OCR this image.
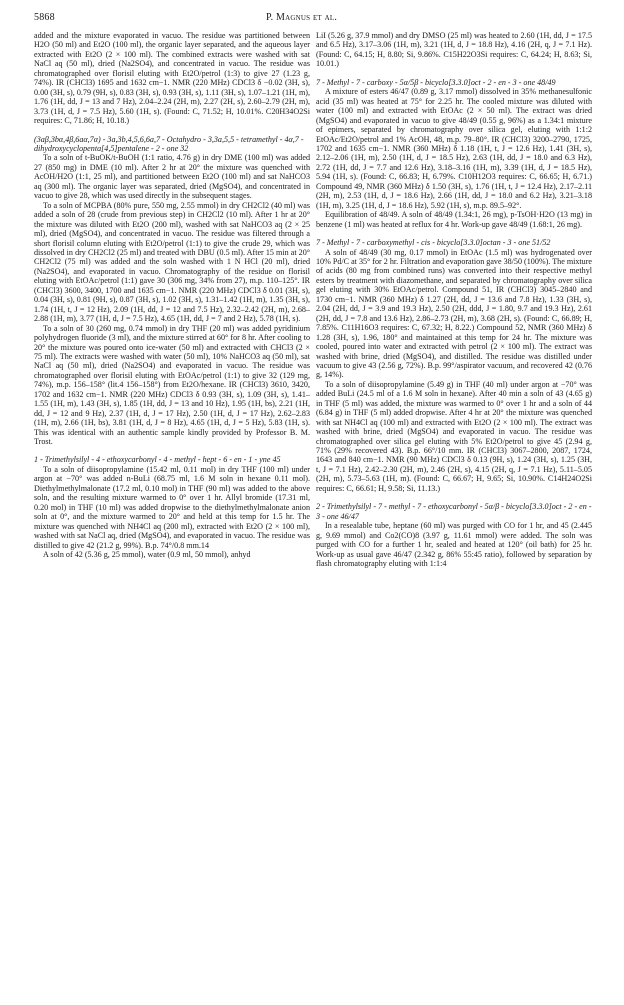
5868	P. Magnus et al.

added and the mixture evaporated in vacuo. The residue was partitioned between H2O (50 ml) and Et2O (100 ml), the organic layer separated, and the aqueous layer extracted with Et2O (2 × 100 ml). The combined extracts were washed with sat NaCl aq (50 ml), dried (Na2SO4), and concentrated in vacuo. The residue was chromatographed over florisil eluting with Et2O/petrol (1:3) to give 27 (1.23 g, 74%). IR (CHCl3) 1695 and 1632 cm−1. NMR (220 MHz) CDCl3 δ −0.02 (3H, s), 0.00 (3H, s), 0.79 (9H, s), 0.83 (3H, s), 0.93 (3H, s), 1.11 (3H, s), 1.07–1.21 (1H, m), 1.76 (1H, dd, J = 13 and 7 Hz), 2.04–2.24 (2H, m), 2.27 (2H, s), 2.60–2.79 (2H, m), 3.73 (1H, d, J = 7.5 Hz), 5.60 (1H, s). (Found: C, 71.52; H, 10.01%. C20H34O2Si requires: C, 71.86; H, 10.18.)

(3aβ,3bα,4β,6aα,7α) - 3a,3b,4,5,6,6a,7 - Octahydro - 3,3a,5,5 - tetramethyl - 4α,7 - dihydroxycyclopenta[4,5]pentalene - 2 - one 32

To a soln of t-BuOK/t-BuOH (1:1 ratio, 4.76 g) in dry DME (100 ml) was added 27 (850 mg) in DME (10 ml). After 2 hr at 20° the mixture was quenched with AcOH/H2O (1:1, 25 ml), and partitioned between Et2O (100 ml) and sat NaHCO3 aq (300 ml). The organic layer was separated, dried (MgSO4), and concentrated in vacuo to give 28, which was used directly in the subsequent stages.

To a soln of MCPBA (80% pure, 550 mg, 2.55 mmol) in dry CH2Cl2 (40 ml) was added a soln of 28 (crude from previous step) in CH2Cl2 (10 ml). After 1 hr at 20° the mixture was diluted with Et2O (200 ml), washed with sat NaHCO3 aq (2 × 25 ml), dried (MgSO4), and concentrated in vacuo. The residue was filtered through a short florisil column eluting with Et2O/petrol (1:1) to give the crude 29, which was dissolved in dry CH2Cl2 (25 ml) and treated with DBU (0.5 ml). After 15 min at 20° CH2Cl2 (75 ml) was added and the soln washed with 1 N HCl (20 ml), dried (Na2SO4), and evaporated in vacuo. Chromatography of the residue on florisil eluting with EtOAc/petrol (1:1) gave 30 (306 mg, 34% from 27), m.p. 110–125°. IR (CHCl3) 3600, 3400, 1700 and 1635 cm−1. NMR (220 MHz) CDCl3 δ 0.01 (3H, s), 0.04 (3H, s), 0.81 (9H, s), 0.87 (3H, s), 1.02 (3H, s), 1.31–1.42 (1H, m), 1.35 (3H, s), 1.74 (1H, t, J = 12 Hz), 2.09 (1H, dd, J = 12 and 7.5 Hz), 2.32–2.42 (2H, m), 2.68–2.88 (1H, m), 3.77 (1H, d, J = 7.5 Hz), 4.65 (1H, dd, J = 7 and 2 Hz), 5.78 (1H, s).

To a soln of 30 (260 mg, 0.74 mmol) in dry THF (20 ml) was added pyridinium polyhydrogen fluoride (3 ml), and the mixture stirred at 60° for 8 hr. After cooling to 20° the mixture was poured onto ice-water (50 ml) and extracted with CHCl3 (2 × 75 ml). The extracts were washed with water (50 ml), 10% NaHCO3 aq (50 ml), sat NaCl aq (50 ml), dried (Na2SO4) and evaporated in vacuo. The residue was chromatographed over florisil eluting with EtOAc/petrol (1:1) to give 32 (129 mg, 74%), m.p. 156–158° (lit.4 156–158°) from Et2O/hexane. IR (CHCl3) 3610, 3420, 1702 and 1632 cm−1. NMR (220 MHz) CDCl3 δ 0.93 (3H, s), 1.09 (3H, s), 1.41–1.55 (1H, m), 1.43 (3H, s), 1.85 (1H, dd, J = 13 and 10 Hz), 1.95 (1H, bs), 2.21 (1H, dd, J = 12 and 9 Hz), 2.37 (1H, d, J = 17 Hz), 2.50 (1H, d, J = 17 Hz), 2.62–2.83 (1H, m), 2.66 (1H, bs), 3.81 (1H, d, J = 8 Hz), 4.65 (1H, d, J = 5 Hz), 5.83 (1H, s). This was identical with an authentic sample kindly provided by Professor B. M. Trost.

1 - Trimethylsilyl - 4 - ethoxycarbonyl - 4 - methyl - hept - 6 - en - 1 - yne 45

To a soln of diisopropylamine (15.42 ml, 0.11 mol) in dry THF (100 ml) under argon at −70° was added n-BuLi (68.75 ml, 1.6 M soln in hexane 0.11 mol). Diethylmethylmalonate (17.2 ml, 0.10 mol) in THF (90 ml) was added to the above soln, and the resulting mixture warmed to 0° over 1 hr. Allyl bromide (17.31 ml, 0.20 mol) in THF (10 ml) was added dropwise to the diethylmethylmalonate anion soln at 0°, and the mixture warmed to 20° and held at this temp for 1.5 hr. The mixture was quenched with NH4Cl aq (200 ml), extracted with Et2O (2 × 100 ml), washed with sat NaCl aq, dried (MgSO4), and evaporated in vacuo. The residue was distilled to give 42 (21.2 g, 99%). B.p. 74°/0.8 mm.14

A soln of 42 (5.36 g, 25 mmol), water (0.9 ml, 50 mmol), anhyd

LiI (5.26 g, 37.9 mmol) and dry DMSO (25 ml) was heated to 2.60 (1H, dd, J = 17.5 and 6.5 Hz), 3.17–3.06 (1H, m), 3.21 (1H, d, J = 18.8 Hz), 4.16 (2H, q, J = 7.1 Hz). (Found: C, 64.15; H, 8.80; Si, 9.86%. C15H22O3Si requires: C, 64.24; H, 8.63; Si, 10.01.)

7 - Methyl - 7 - carboxy - 5α/5β - bicyclo[3.3.0]oct - 2 - en - 3 - one 48/49

A mixture of esters 46/47 (0.89 g, 3.17 mmol) dissolved in 35% methanesulfonic acid (35 ml) was heated at 75° for 2.25 hr. The cooled mixture was diluted with water (100 ml) and extracted with EtOAc (2 × 50 ml). The extract was dried (MgSO4) and evaporated in vacuo to give 48/49 (0.55 g, 96%) as a 1.34:1 mixture of epimers, separated by chromatography over silica gel, eluting with 1:1:2 EtOAc/Et2O/petrol and 1% AcOH, 48, m.p. 79–80°. IR (CHCl3) 3200–2790, 1725, 1702 and 1635 cm−1. NMR (360 MHz) δ 1.18 (1H, t, J = 12.6 Hz), 1.41 (3H, s), 2.12–2.06 (1H, m), 2.50 (1H, d, J = 18.5 Hz), 2.63 (1H, dd, J = 18.0 and 6.3 Hz), 2.72 (1H, dd, J = 7.7 and 12.6 Hz), 3.18–3.16 (1H, m), 3.39 (1H, d, J = 18.5 Hz), 5.94 (1H, s). (Found: C, 66.83; H, 6.79%. C10H12O3 requires: C, 66.65; H, 6.71.) Compound 49, NMR (360 MHz) δ 1.50 (3H, s), 1.76 (1H, t, J = 12.4 Hz), 2.17–2.11 (2H, m), 2.53 (1H, d, J = 18.6 Hz), 2.66 (1H, dd, J = 18.0 and 6.2 Hz), 3.21–3.18 (1H, m), 3.25 (1H, d, J = 18.6 Hz), 5.92 (1H, s), m.p. 89.5–92°.

Equilibration of 48/49. A soln of 48/49 (1.34:1, 26 mg), p-TsOH·H2O (13 mg) in benzene (1 ml) was heated at reflux for 4 hr. Work-up gave 48/49 (1.68:1, 26 mg).

7 - Methyl - 7 - carboxymethyl - cis - bicyclo[3.3.0]octan - 3 - one 51/52

A soln of 48/49 (30 mg, 0.17 mmol) in EtOAc (1.5 ml) was hydrogenated over 10% Pd/C at 35° for 2 hr. Filtration and evaporation gave 38/50 (100%). The mixture of acids (80 mg from combined runs) was converted into their respective methyl esters by treatment with diazomethane, and separated by chromatography over silica gel eluting with 30% EtOAc/petrol. Compound 51, IR (CHCl3) 3045–2840 and 1730 cm−1. NMR (360 MHz) δ 1.27 (2H, dd, J = 13.6 and 7.8 Hz), 1.33 (3H, s), 2.04 (2H, dd, J = 3.9 and 19.3 Hz), 2.50 (2H, ddd, J = 1.80, 9.7 and 19.3 Hz), 2.61 (2H, dd, J = 7.8 and 13.6 Hz), 2.86–2.73 (2H, m), 3.68 (2H, s). (Found: C, 66.89; H, 7.85%. C11H16O3 requires: C, 67.32; H, 8.22.) Compound 52, NMR (360 MHz) δ 1.28 (3H, s), 1.96, 180° and maintained at this temp for 24 hr. The mixture was cooled, poured into water and extracted with petrol (2 × 100 ml). The extract was washed with brine, dried (MgSO4), and distilled. The residue was distilled under vacuum to give 43 (2.56 g, 72%). B.p. 99°/aspirator vacuum, and recovered 42 (0.76 g, 14%).

To a soln of diisopropylamine (5.49 g) in THF (40 ml) under argon at −70° was added BuLi (24.5 ml of a 1.6 M soln in hexane). After 40 min a soln of 43 (4.65 g) in THF (5 ml) was added, the mixture was warmed to 0° over 1 hr and a soln of 44 (6.84 g) in THF (5 ml) added dropwise. After 4 hr at 20° the mixture was quenched with sat NH4Cl aq (100 ml) and extracted with Et2O (2 × 100 ml). The extract was washed with brine, dried (MgSO4) and evaporated in vacuo. The residue was chromatographed over silica gel eluting with 5% Et2O/petrol to give 45 (2.94 g, 71% (29% recovered 43). B.p. 66°/10 mm. IR (CHCl3) 3067–2800, 2087, 1724, 1643 and 840 cm−1. NMR (90 MHz) CDCl3 δ 0.13 (9H, s), 1.24 (3H, s), 1.25 (3H, t, J = 7.1 Hz), 2.42–2.30 (2H, m), 2.46 (2H, s), 4.15 (2H, q, J = 7.1 Hz), 5.11–5.05 (2H, m), 5.73–5.63 (1H, m). (Found: C, 66.67; H, 9.65; Si, 10.90%. C14H24O2Si requires: C, 66.61; H, 9.58; Si, 11.13.)

2 - Trimethylsilyl - 7 - methyl - 7 - ethoxycarbonyl - 5α/β - bicyclo[3.3.0]oct - 2 - en - 3 - one 46/47

In a resealable tube, heptane (60 ml) was purged with CO for 1 hr, and 45 (2.445 g, 9.69 mmol) and Co2(CO)8 (3.97 g, 11.61 mmol) were added. The soln was purged with CO for a further 1 hr, sealed and heated at 120° (oil bath) for 25 hr. Work-up as usual gave 46/47 (2.342 g, 86% 55:45 ratio), followed by separation by flash chromatography eluting with 1:1:4
